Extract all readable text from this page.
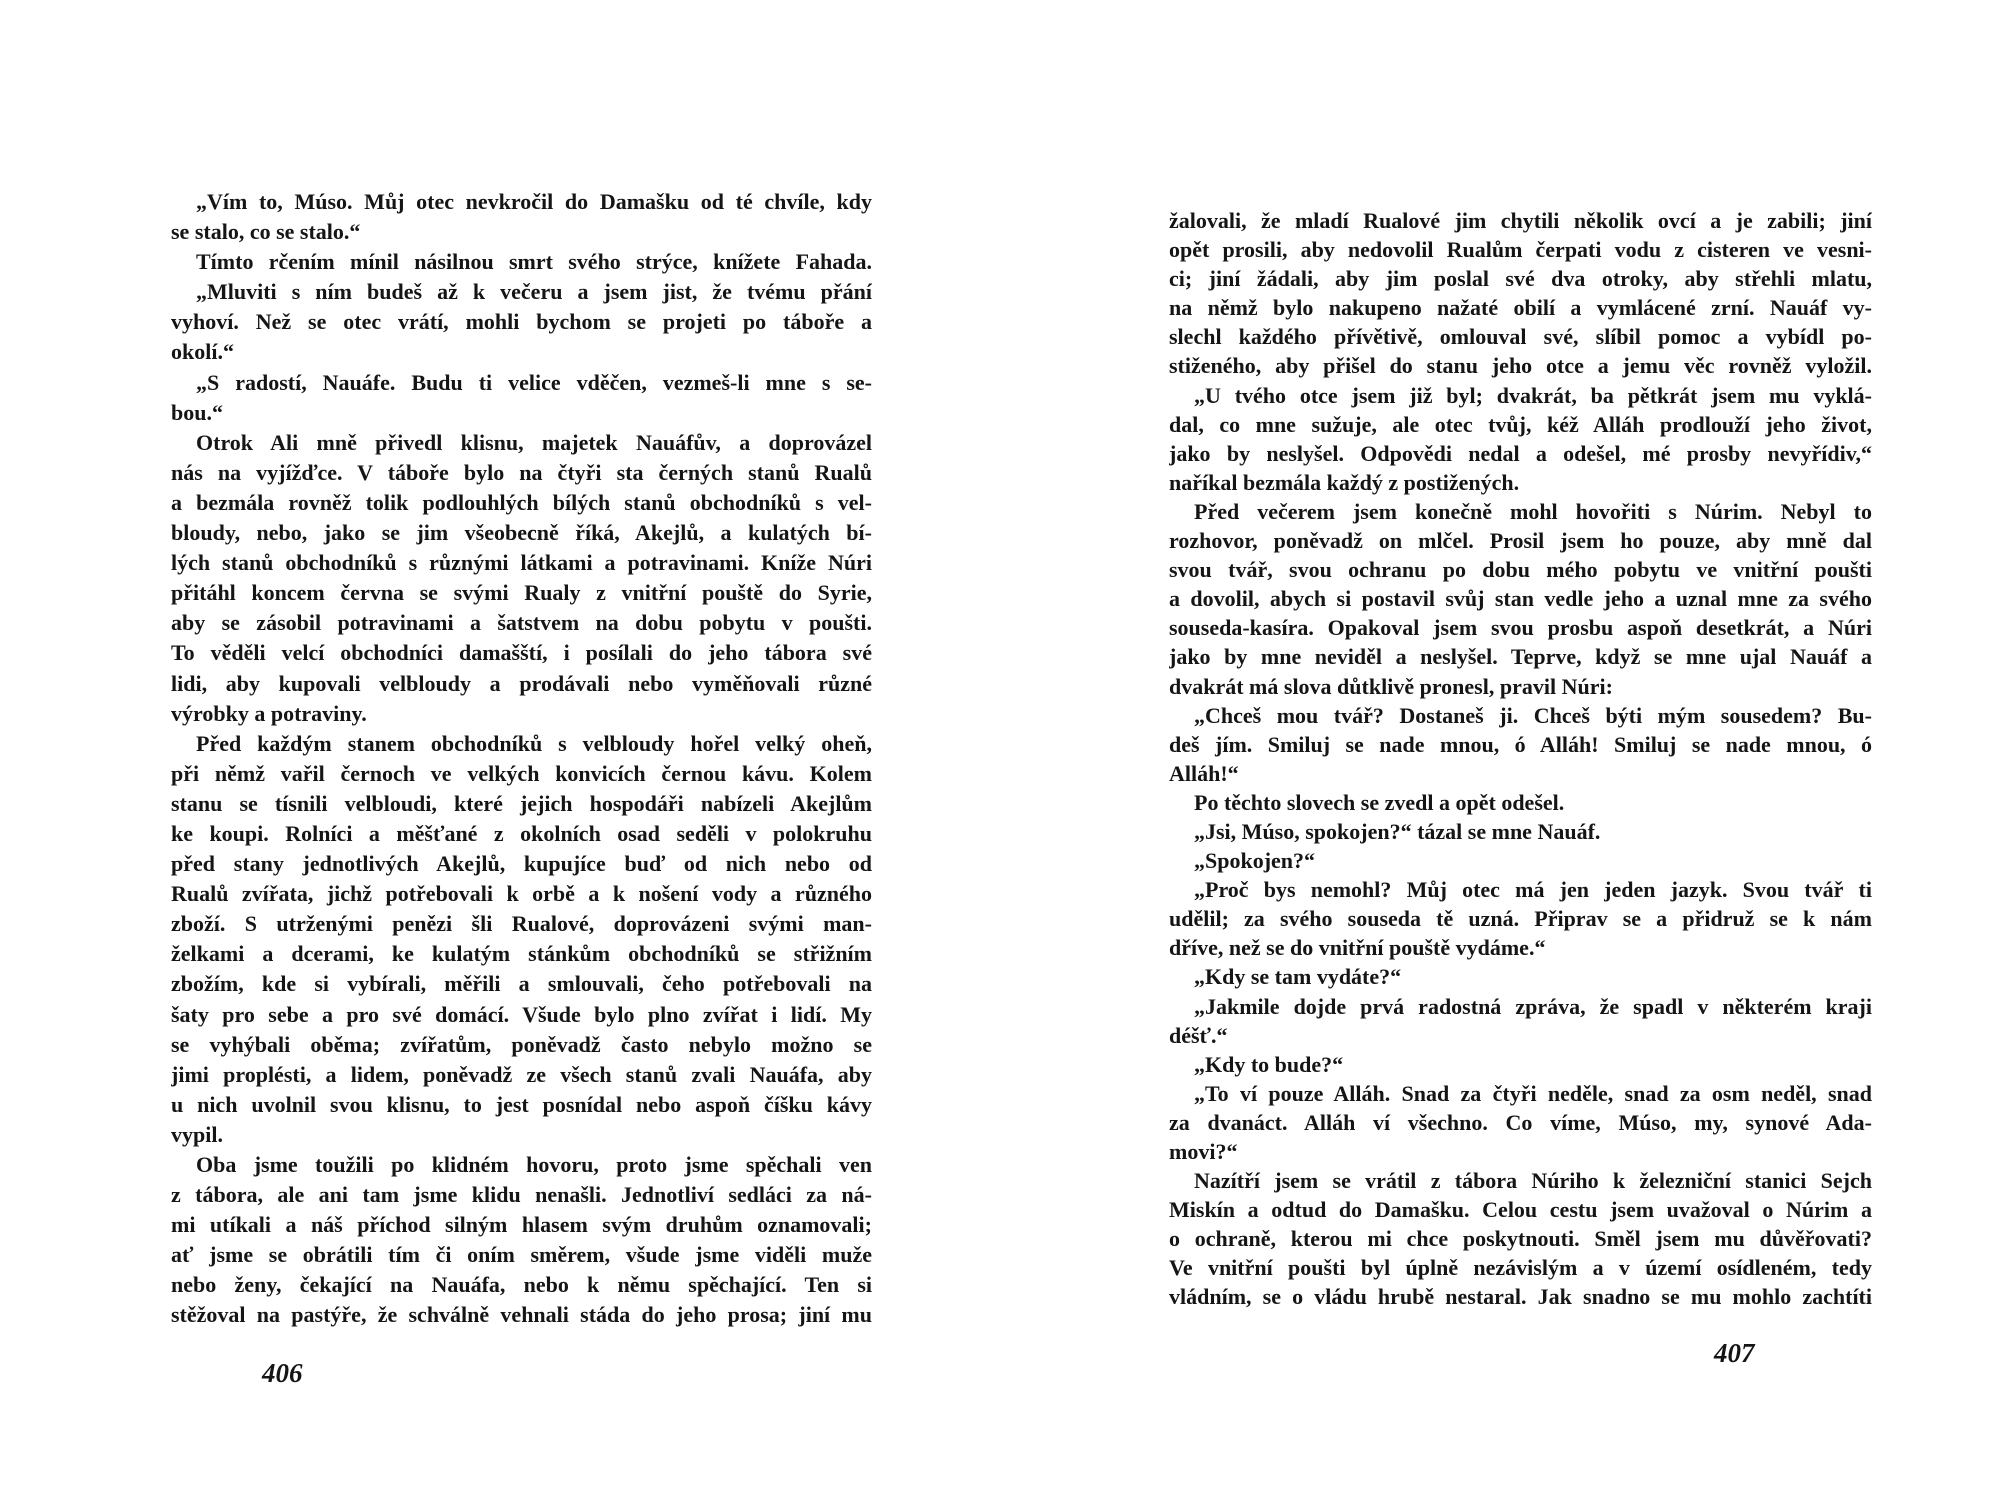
„Vím to, Múso. Můj otec nevkročil do Damašku od té chvíle, kdy
se stalo, co se stalo.“
Tímto rčením mínil násilnou smrt svého strýce, knížete Fahada.
„Mluviti s ním budeš až k večeru a jsem jist, že tvému přání
vyhoví. Než se otec vrátí, mohli bychom se projeti po táboře a
okolí.“
„S radostí, Nauáfe. Budu ti velice vděčen, vezmeš-li mne s se-
bou.“
Otrok Ali mně přivedl klisnu, majetek Nauáfův, a doprovázel
nás na vyjížďce. V táboře bylo na čtyři sta černých stanů Rualů
a bezmála rovněž tolik podlouhlých bílých stanů obchodníků s vel-
bloudy, nebo, jako se jim všeobecně říká, Akejlů, a kulatých bí-
lých stanů obchodníků s různými látkami a potravinami. Kníže Núri
přitáhl koncem června se svými Rualy z vnitřní pouště do Syrie,
aby se zásobil potravinami a šatstvem na dobu pobytu v poušti.
To věděli velcí obchodníci damašští, i posílali do jeho tábora své
lidi, aby kupovali velbloudy a prodávali nebo vyměňovali různé
výrobky a potraviny.
Před každým stanem obchodníků s velbloudy hořel velký oheň,
při němž vařil černoch ve velkých konvicích černou kávu. Kolem
stanu se tísnili velbloudi, které jejich hospodáři nabízeli Akejlům
ke koupi. Rolníci a měšťané z okolních osad seděli v polokruhu
před stany jednotlivých Akejlů, kupujíce buď od nich nebo od
Rualů zvířata, jichž potřebovali k orbě a k nošení vody a různého
zboží. S utrženými penězi šli Rualové, doprovázeni svými man-
želkami a dcerami, ke kulatým stánkům obchodníků se střižním
zbožím, kde si vybírali, měřili a smlouvali, čeho potřebovali na
šaty pro sebe a pro své domácí. Všude bylo plno zvířat i lidí. My
se vyhýbali oběma; zvířatům, poněvadž často nebylo možno se
jimi proplésti, a lidem, poněvadž ze všech stanů zvali Nauáfa, aby
u nich uvolnil svou klisnu, to jest posnídal nebo aspoň číšku kávy
vypil.
Oba jsme toužili po klidném hovoru, proto jsme spěchali ven
z tábora, ale ani tam jsme klidu nenašli. Jednotliví sedláci za ná-
mi utíkali a náš příchod silným hlasem svým druhům oznamovali;
ať jsme se obrátili tím či oním směrem, všude jsme viděli muže
nebo ženy, čekající na Nauáfa, nebo k němu spěchající. Ten si
stěžoval na pastýře, že schválně vehnali stáda do jeho prosa; jiní mu
406
žalovali, že mladí Rualové jim chytili několik ovcí a je zabili; jiní
opět prosili, aby nedovolil Rualům čerpati vodu z cisteren ve vesni-
ci; jiní žádali, aby jim poslal své dva otroky, aby střehli mlatu,
na němž bylo nakupeno nažaté obilí a vymlácené zrní. Nauáf vy-
slechl každého přívětivě, omlouval své, slíbil pomoc a vybídl po-
stiženého, aby přišel do stanu jeho otce a jemu věc rovněž vyložil.
„U tvého otce jsem již byl; dvakrát, ba pětkrát jsem mu vyklá-
dal, co mne sužuje, ale otec tvůj, kéž Alláh prodlouží jeho život,
jako by neslyšel. Odpovědi nedal a odešel, mé prosby nevyřídiv,“
naříkal bezmála každý z postižených.
Před večerem jsem konečně mohl hovořiti s Núrim. Nebyl to
rozhovor, poněvadž on mlčel. Prosil jsem ho pouze, aby mně dal
svou tvář, svou ochranu po dobu mého pobytu ve vnitřní poušti
a dovolil, abych si postavil svůj stan vedle jeho a uznal mne za svého
souseda-kasíra. Opakoval jsem svou prosbu aspoň desetkrát, a Núri
jako by mne neviděl a neslyšel. Teprve, když se mne ujal Nauáf a
dvakrát má slova důtklivě pronesl, pravil Núri:
„Chceš mou tvář? Dostaneš ji. Chceš býti mým sousedem? Bu-
deš jím. Smiluj se nade mnou, ó Alláh! Smiluj se nade mnou, ó
Alláh!“
Po těchto slovech se zvedl a opět odešel.
„Jsi, Múso, spokojen?“ tázal se mne Nauáf.
„Spokojen?“
„Proč bys nemohl? Můj otec má jen jeden jazyk. Svou tvář ti
udělil; za svého souseda tě uzná. Připrav se a přidruž se k nám
dříve, než se do vnitřní pouště vydáme.“
„Kdy se tam vydáte?“
„Jakmile dojde prvá radostná zpráva, že spadl v některém kraji
déšť.“
„Kdy to bude?“
„To ví pouze Alláh. Snad za čtyři neděle, snad za osm neděl, snad
za dvanáct. Alláh ví všechno. Co víme, Múso, my, synové Ada-
movi?“
Nazítří jsem se vrátil z tábora Núriho k železniční stanici Sejch
Miskín a odtud do Damašku. Celou cestu jsem uvažoval o Núrim a
o ochraně, kterou mi chce poskytnouti. Směl jsem mu důvěřovati?
Ve vnitřní poušti byl úplně nezávislým a v území osídleném, tedy
vládním, se o vládu hrubě nestaral. Jak snadno se mu mohlo zachtíti
407
